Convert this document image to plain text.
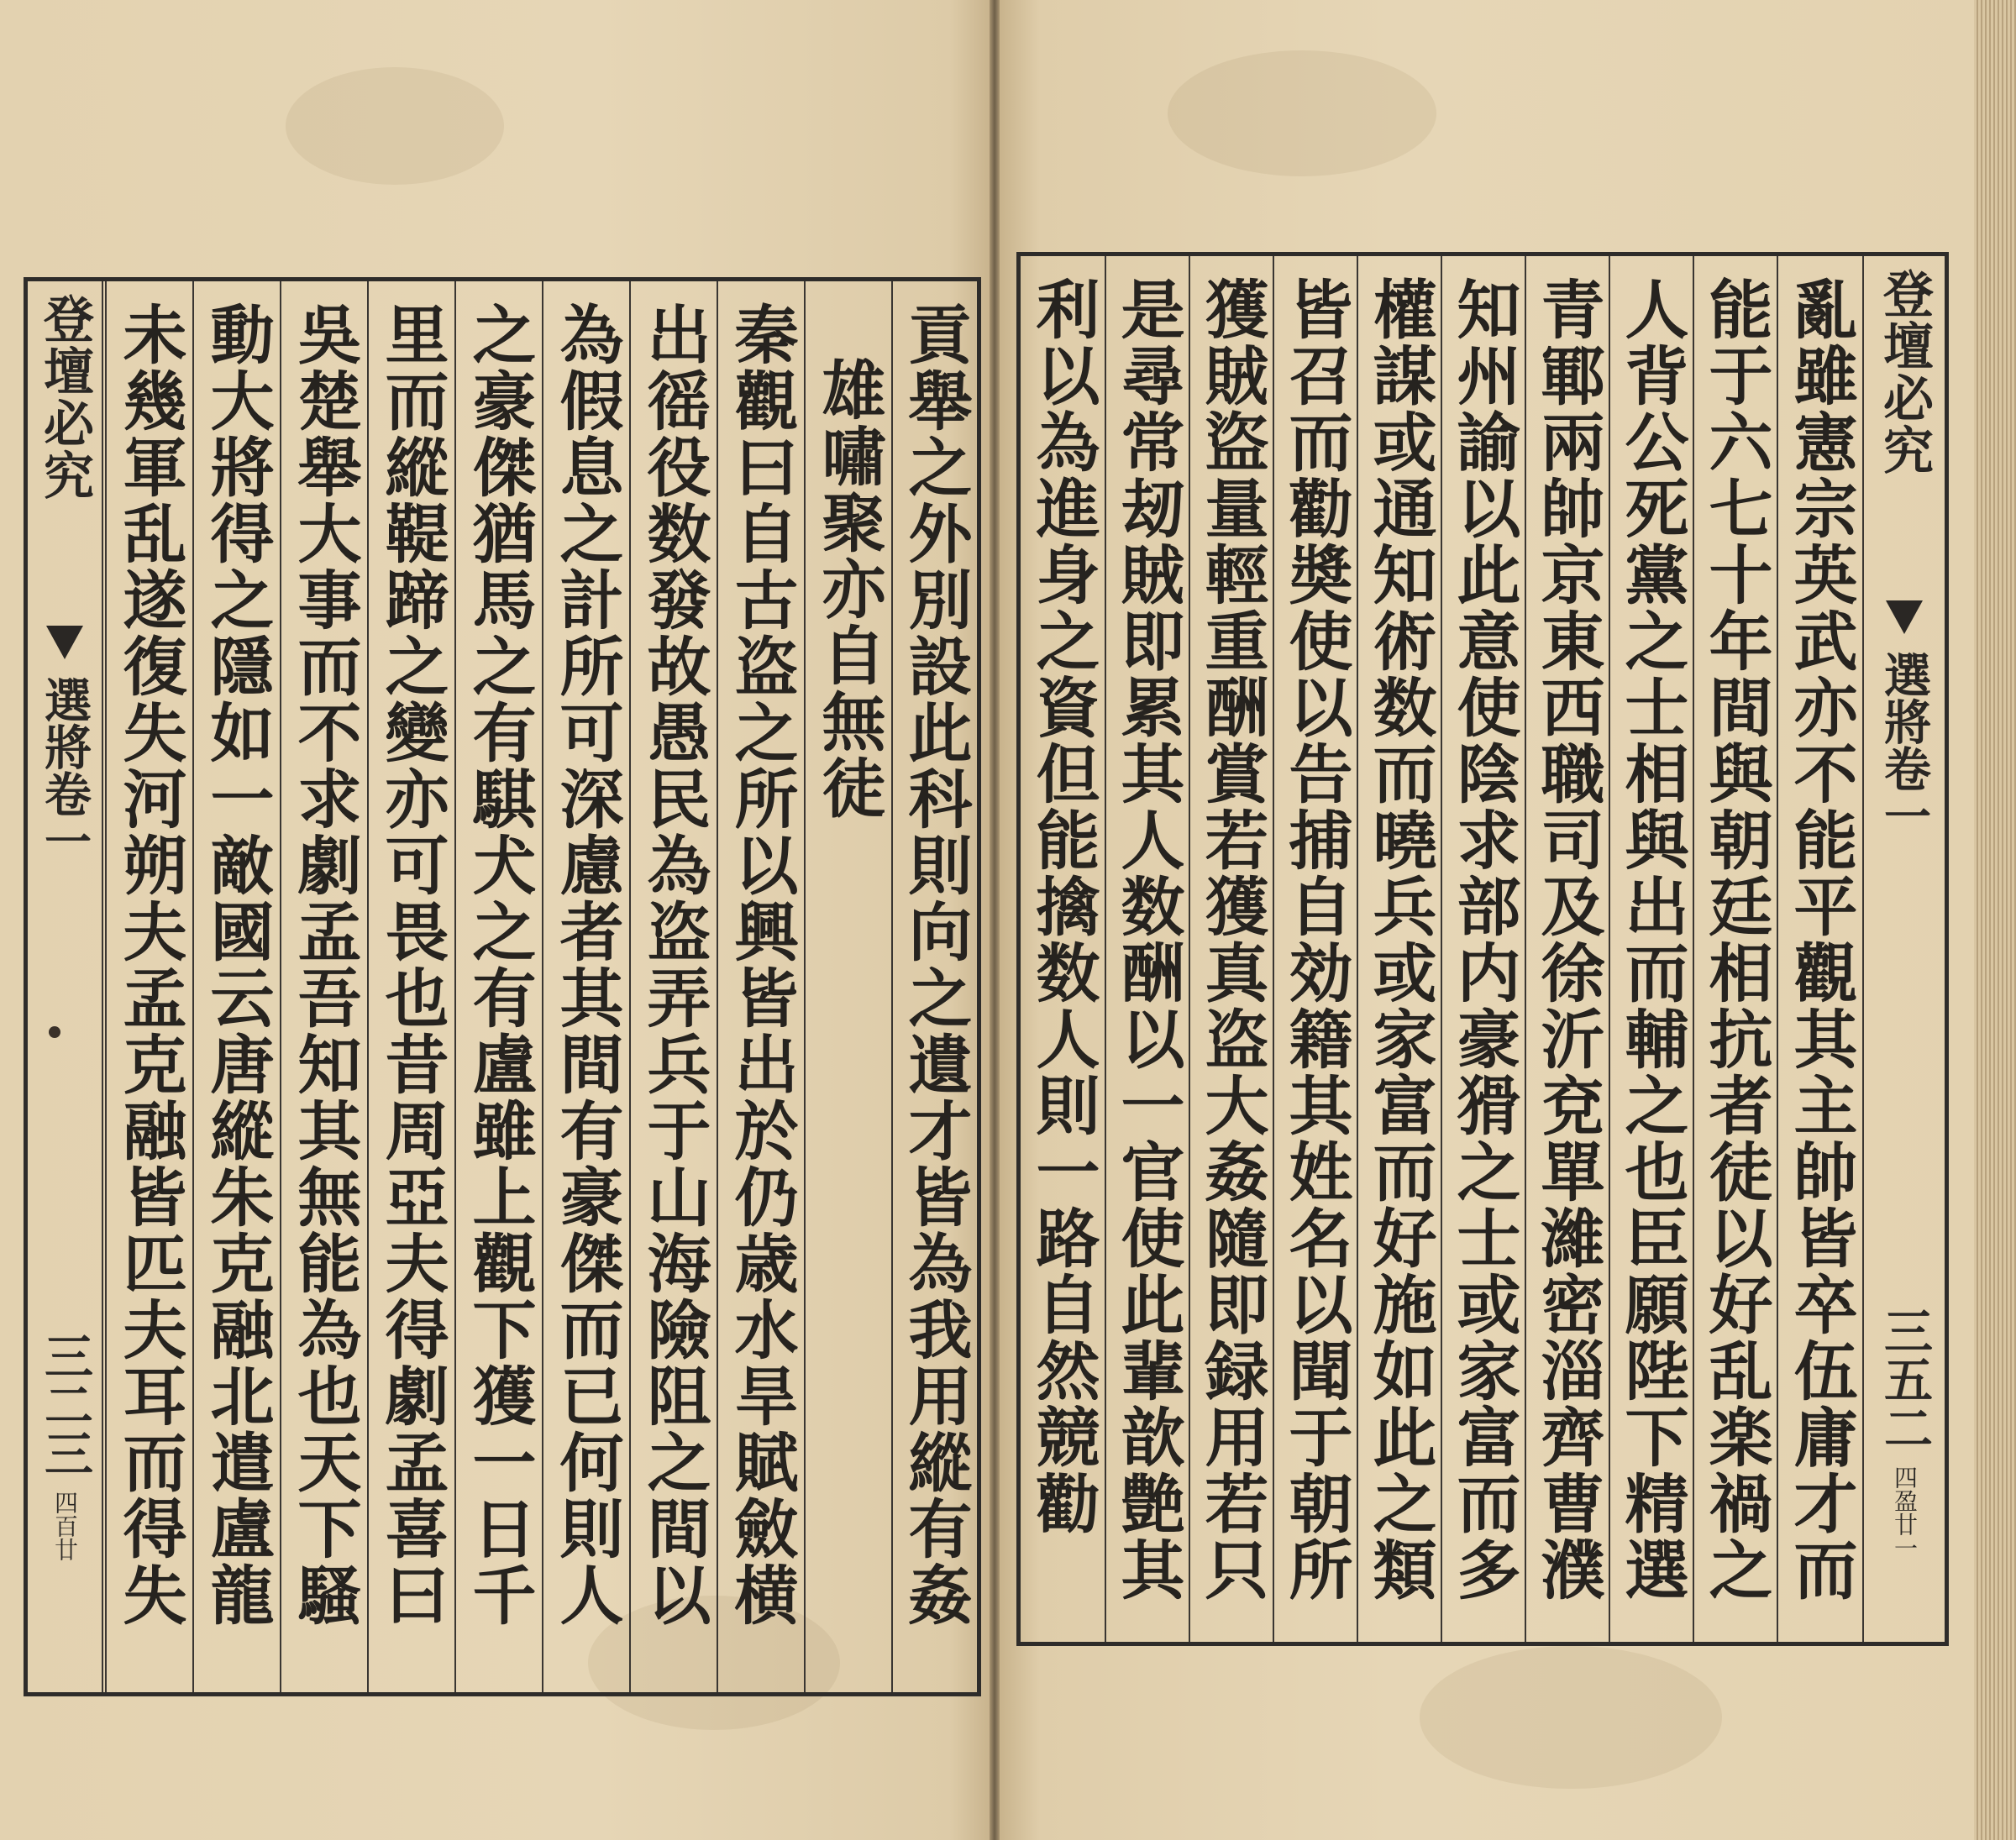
登壇必究
選將卷一
三二三
四百廿 未幾軍乱遂復失河朔夫孟克融皆匹夫耳而得失 動大將得之隱如一敵國云唐縱朱克融北遣盧龍 吳楚舉大事而不求劇孟吾知其無能為也天下騷 里而縱鞮蹄之變亦可畏也昔周亞夫得劇孟喜曰 之豪傑猶馬之有騏犬之有盧雖上觀下獲一日千 為假息之計所可深慮者其間有豪傑而已何則人 出徭役数發故愚民為盗弄兵于山海險阻之間以 秦觀曰自古盗之所以興皆出於仍歳水旱賦斂横 雄嘯聚亦自無徒 貢舉之外別設此科則向之遺才皆為我用縱有姦 利以為進身之資但能擒数人則一路自然競勸 是尋常刼賊即累其人数酬以一官使此輩歆艶其 獲賊盜量輕重酬賞若獲真盗大姦隨即録用若只 皆召而勸奬使以告捕自効籍其姓名以聞于朝所 權謀或通知術数而曉兵或家富而好施如此之類 知州諭以此意使陰求部内豪猾之士或家富而多 青鄆兩帥京東西職司及徐沂兗單濰密淄齊曹濮 人背公死黨之士相與出而輔之也臣願陛下精選 能于六七十年間與朝廷相抗者徒以好乱楽禍之 亂雖憲宗英武亦不能平觀其主帥皆卒伍庸才而 登壇必究
選將卷一
三五二
四盈廿一
